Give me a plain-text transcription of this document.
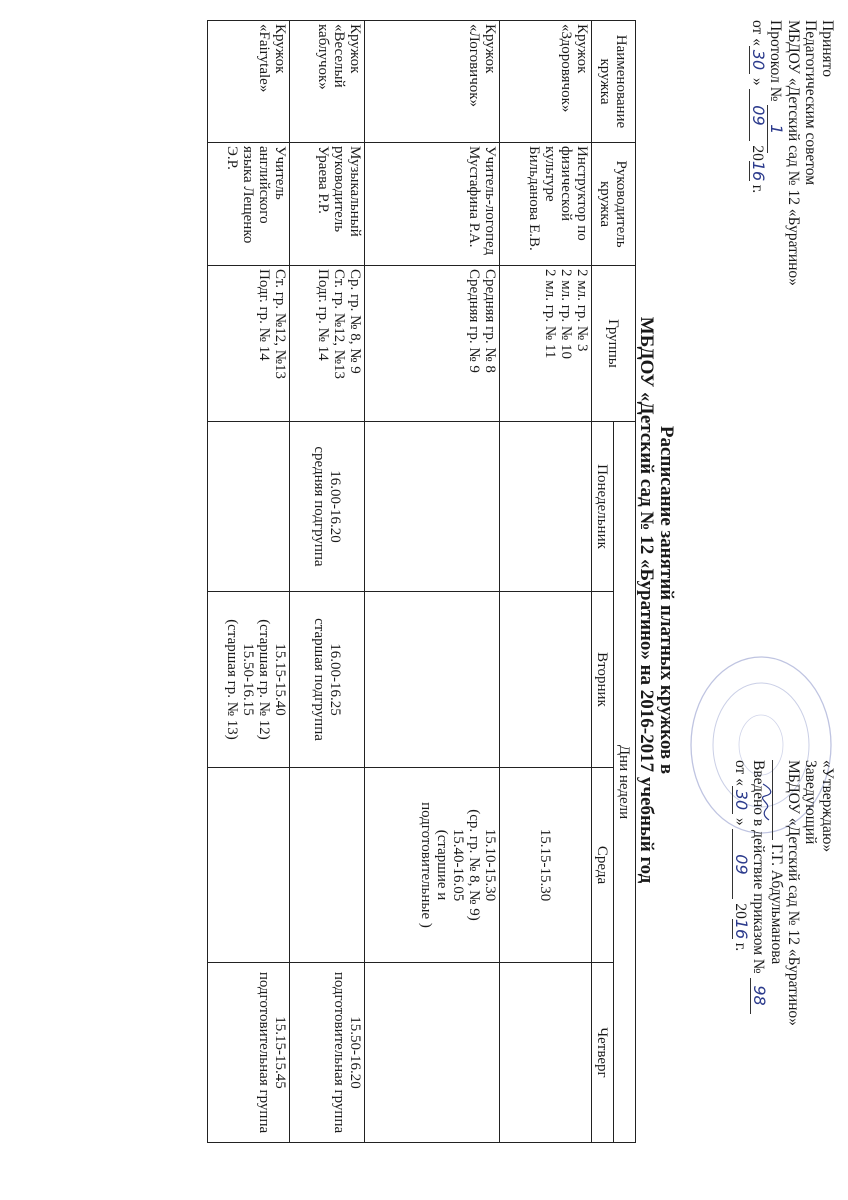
Принято
Педагогическим советом
МБДОУ «Детский сад № 12 «Буратино»
Протокол № 1
от «30 » 09 2016 г.
«Утверждаю»
Заведующий
МБДОУ «Детский сад № 12 «Буратино»
Г.Г. Абдульманова
Введено в действие приказом № 98
от «30 » 09 2016 г.
Расписание занятий платных кружков в
МБДОУ «Детский сад № 12 «Буратино» на 2016-2017 учебный год
Наименование кружка	Руководитель кружка	Группы	Дни недели			
			Понедельник	Вторник	Среда	Четверг
Кружок «Здоровячок»	Инструктор по физической культуре Бильданова Е.В.	2 мл. гр. № 3
2 мл. гр. № 10
2 мл. гр. № 11			15.15-15.30	
Кружок «Логовичок»	Учитель-логопед Мустафина Р.А.	Средняя гр. № 8
Средняя гр. № 9			15.10-15.30
(ср. гр. № 8, № 9)
15.40-16.05
(старшие и подготовительные )	
Кружок «Веселый каблучок»	Музыкальный руководитель Ураева Р.Р.	Ср. гр. № 8, № 9
Ст. гр. №12, №13
Подг. гр. № 14	16.00-16.20
средняя подгруппа	16.00-16.25
старшая подгруппа		15.50-16.20
подготовительная группа
Кружок «Fairytale»	Учитель английского языка Лещенко Э.Р.	Ст. гр. №12, №13
Подг. гр. № 14		15.15-15.40
(старшая гр. № 12)
15.50-16.15
(старшая гр. № 13)		15.15-15.45
подготовительная группа
